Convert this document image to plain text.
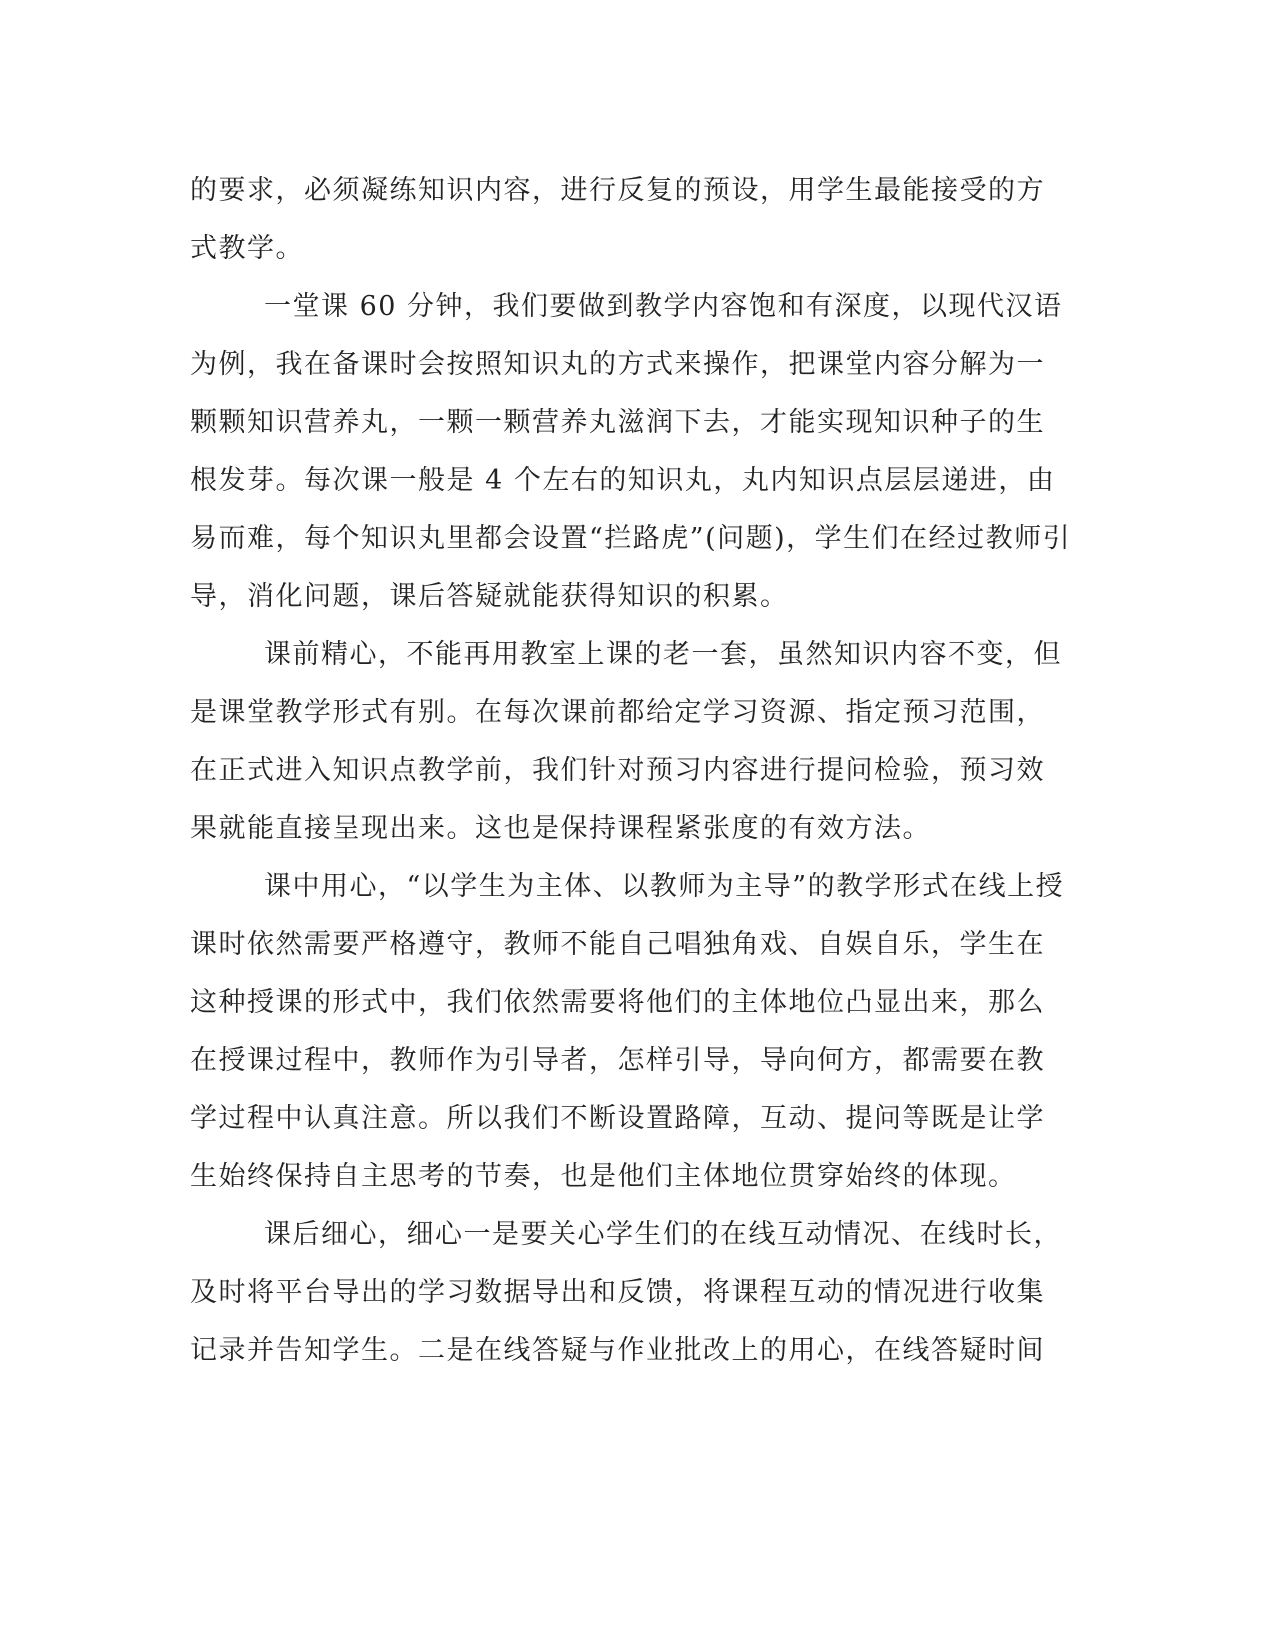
的要求，必须凝练知识内容，进行反复的预设，用学生最能接受的方
式教学。
一堂课 60 分钟，我们要做到教学内容饱和有深度，以现代汉语
为例，我在备课时会按照知识丸的方式来操作，把课堂内容分解为一
颗颗知识营养丸，一颗一颗营养丸滋润下去，才能实现知识种子的生
根发芽。每次课一般是 4 个左右的知识丸，丸内知识点层层递进，由
易而难，每个知识丸里都会设置“拦路虎”(问题)，学生们在经过教师引
导，消化问题，课后答疑就能获得知识的积累。
课前精心，不能再用教室上课的老一套，虽然知识内容不变，但
是课堂教学形式有别。在每次课前都给定学习资源、指定预习范围，
在正式进入知识点教学前，我们针对预习内容进行提问检验，预习效
果就能直接呈现出来。这也是保持课程紧张度的有效方法。
课中用心，“以学生为主体、以教师为主导”的教学形式在线上授
课时依然需要严格遵守，教师不能自己唱独角戏、自娱自乐，学生在
这种授课的形式中，我们依然需要将他们的主体地位凸显出来，那么
在授课过程中，教师作为引导者，怎样引导，导向何方，都需要在教
学过程中认真注意。所以我们不断设置路障，互动、提问等既是让学
生始终保持自主思考的节奏，也是他们主体地位贯穿始终的体现。
课后细心，细心一是要关心学生们的在线互动情况、在线时长，
及时将平台导出的学习数据导出和反馈，将课程互动的情况进行收集
记录并告知学生。二是在线答疑与作业批改上的用心，在线答疑时间
